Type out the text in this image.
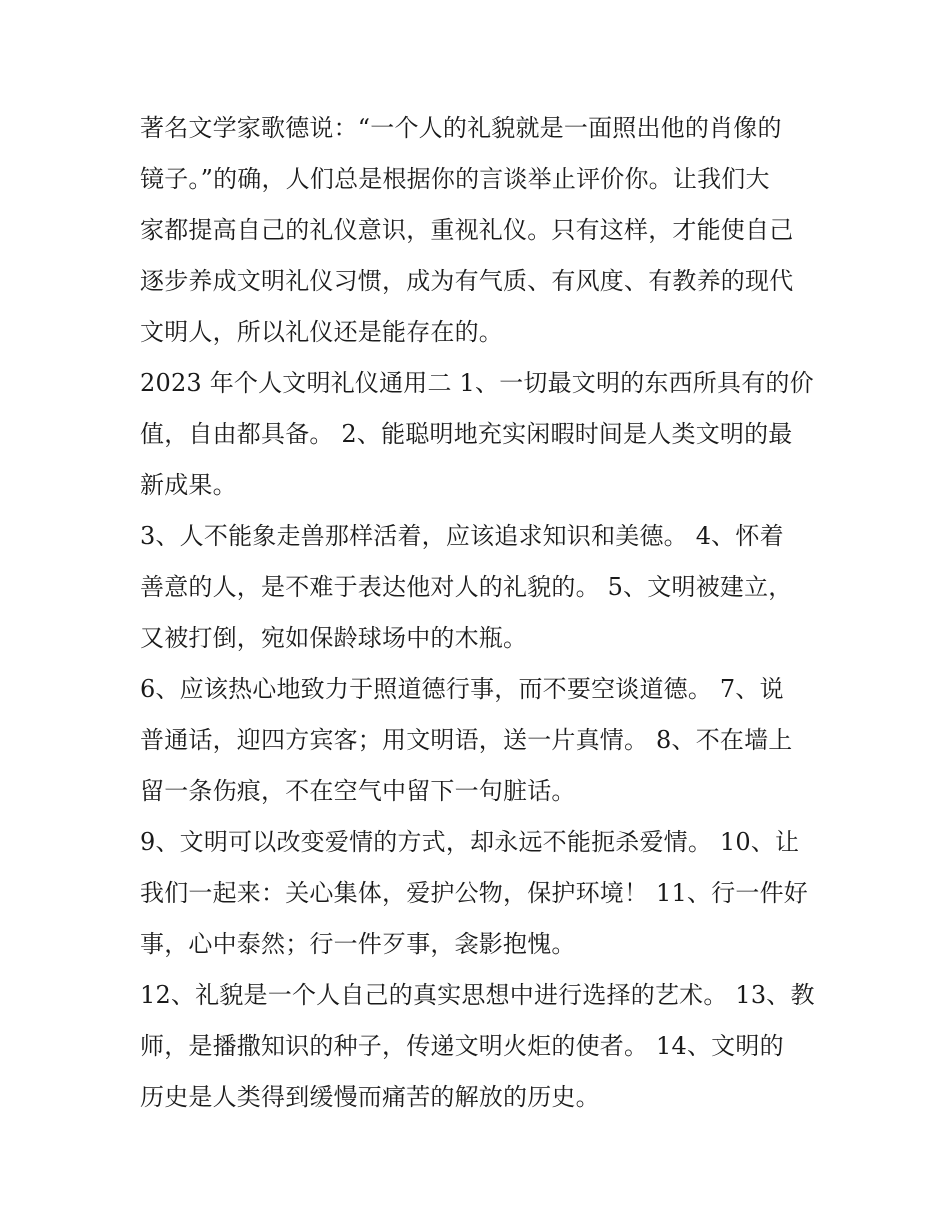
著名文学家歌德说：“一个人的礼貌就是一面照出他的肖像的
镜子。”的确，人们总是根据你的言谈举止评价你。让我们大
家都提高自己的礼仪意识，重视礼仪。只有这样，才能使自己
逐步养成文明礼仪习惯，成为有气质、有风度、有教养的现代
文明人，所以礼仪还是能存在的。

2023 年个人文明礼仪通用二 1、一切最文明的东西所具有的价
值，自由都具备。 2、能聪明地充实闲暇时间是人类文明的最
新成果。

3、人不能象走兽那样活着，应该追求知识和美德。 4、怀着
善意的人，是不难于表达他对人的礼貌的。 5、文明被建立，
又被打倒，宛如保龄球场中的木瓶。

6、应该热心地致力于照道德行事，而不要空谈道德。 7、说
普通话，迎四方宾客；用文明语，送一片真情。 8、不在墙上
留一条伤痕，不在空气中留下一句脏话。

9、文明可以改变爱情的方式，却永远不能扼杀爱情。 10、让
我们一起来：关心集体，爱护公物，保护环境！ 11、行一件好
事，心中泰然；行一件歹事，衾影抱愧。

12、礼貌是一个人自己的真实思想中进行选择的艺术。 13、教
师，是播撒知识的种子，传递文明火炬的使者。 14、文明的
历史是人类得到缓慢而痛苦的解放的历史。
